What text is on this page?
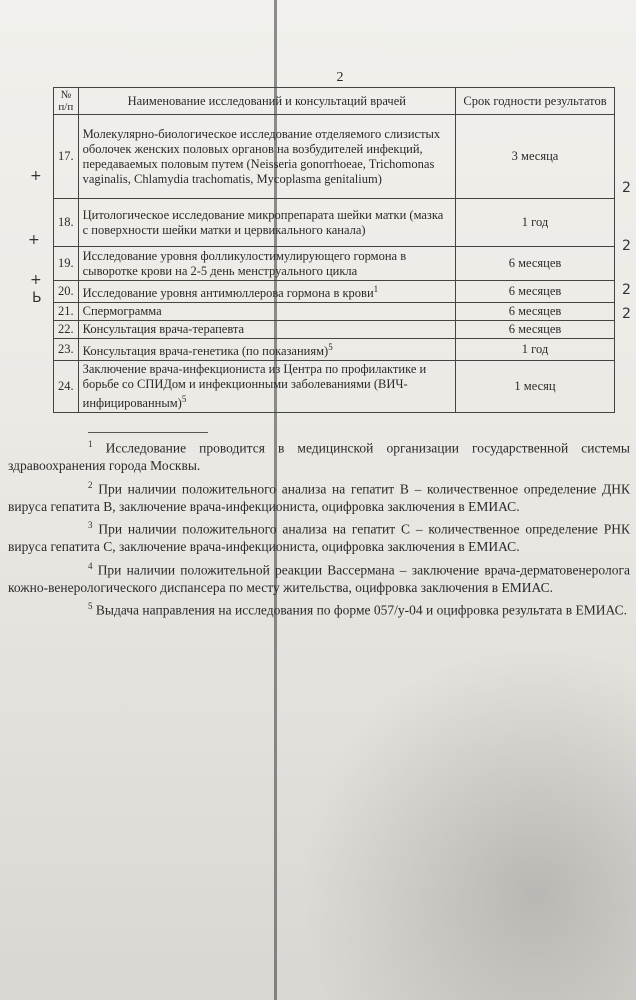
2
№ п/п	Наименование исследований и консультаций врачей	Срок годности результатов
17.	Молекулярно-биологическое исследование отделяемого слизистых оболочек женских половых органов на возбудителей инфекций, передаваемых половым путем (Neisseria gonorrhoeae, Trichomonas vaginalis, Chlamydia trachomatis, Mycoplasma genitalium)	3 месяца
18.	Цитологическое исследование микропрепарата шейки матки (мазка с поверхности шейки матки и цервикального канала)	1 год
19.	Исследование уровня фолликулостимулирующего гормона в сыворотке крови на 2-5 день менструального цикла	6 месяцев
20.	Исследование уровня антимюллерова гормона в крови$^1$	6 месяцев
21.	Спермограмма	6 месяцев
22.	Консультация врача-терапевта	6 месяцев
23.	Консультация врача-генетика (по показаниям)$^5$	1 год
24.	Заключение врача-инфекциониста из Центра по профилактике и борьбе со СПИДом и инфекционными заболеваниями (ВИЧ-инфицированным)$^5$	1 месяц

$^1$ Исследование проводится в медицинской организации государственной системы здравоохранения города Москвы.

$^2$ При наличии положительного анализа на гепатит В – количественное определение ДНК вируса гепатита В, заключение врача-инфекциониста, оцифровка заключения в ЕМИАС.

$^3$ При наличии положительного анализа на гепатит С – количественное определение РНК вируса гепатита С, заключение врача-инфекциониста, оцифровка заключения в ЕМИАС.

$^4$ При наличии положительной реакции Вассермана – заключение врача-дерматовенеролога кожно-венерологического диспансера по месту жительства, оцифровка заключения в ЕМИАС.

$^5$ Выдача направления на исследования по форме 057/у-04 и оцифровка результата в ЕМИАС.

+
+
+
Ь
2
2
2
2
